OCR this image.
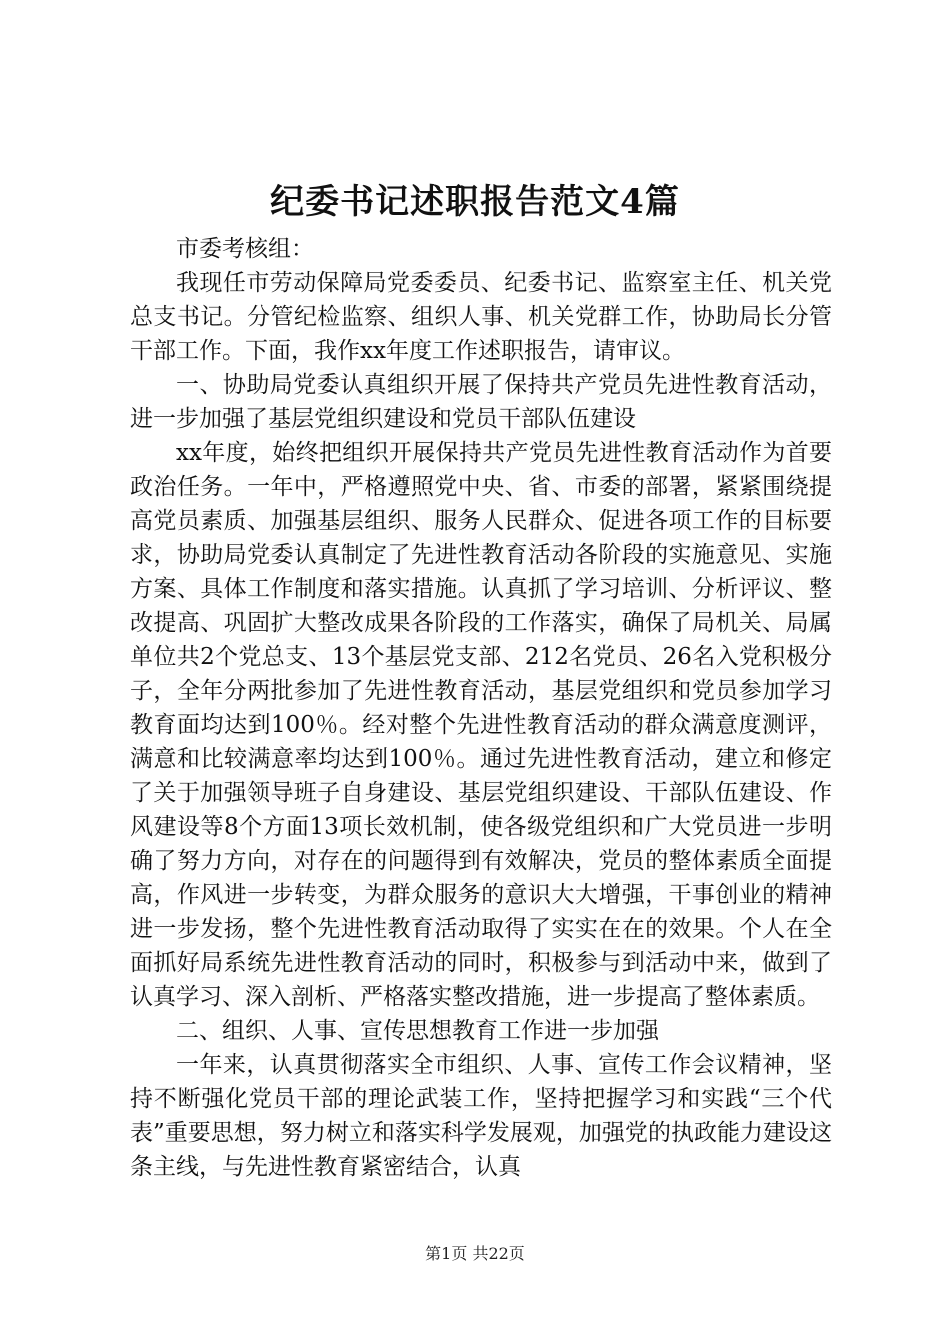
纪委书记述职报告范文4篇

市委考核组：

我现任市劳动保障局党委委员、纪委书记、监察室主任、机关党总支书记。分管纪检监察、组织人事、机关党群工作，协助局长分管干部工作。下面，我作xx年度工作述职报告，请审议。

一、协助局党委认真组织开展了保持共产党员先进性教育活动，进一步加强了基层党组织建设和党员干部队伍建设

xx年度，始终把组织开展保持共产党员先进性教育活动作为首要政治任务。一年中，严格遵照党中央、省、市委的部署，紧紧围绕提高党员素质、加强基层组织、服务人民群众、促进各项工作的目标要求，协助局党委认真制定了先进性教育活动各阶段的实施意见、实施方案、具体工作制度和落实措施。认真抓了学习培训、分析评议、整改提高、巩固扩大整改成果各阶段的工作落实，确保了局机关、局属单位共2个党总支、13个基层党支部、212名党员、26名入党积极分子，全年分两批参加了先进性教育活动，基层党组织和党员参加学习教育面均达到100％。经对整个先进性教育活动的群众满意度测评，满意和比较满意率均达到100％。通过先进性教育活动，建立和修定了关于加强领导班子自身建设、基层党组织建设、干部队伍建设、作风建设等8个方面13项长效机制，使各级党组织和广大党员进一步明确了努力方向，对存在的问题得到有效解决，党员的整体素质全面提高，作风进一步转变，为群众服务的意识大大增强，干事创业的精神进一步发扬，整个先进性教育活动取得了实实在在的效果。个人在全面抓好局系统先进性教育活动的同时，积极参与到活动中来，做到了认真学习、深入剖析、严格落实整改措施，进一步提高了整体素质。

二、组织、人事、宣传思想教育工作进一步加强

一年来，认真贯彻落实全市组织、人事、宣传工作会议精神，坚持不断强化党员干部的理论武装工作，坚持把握学习和实践“三个代表”重要思想，努力树立和落实科学发展观，加强党的执政能力建设这条主线，与先进性教育紧密结合，认真

第1页 共22页
